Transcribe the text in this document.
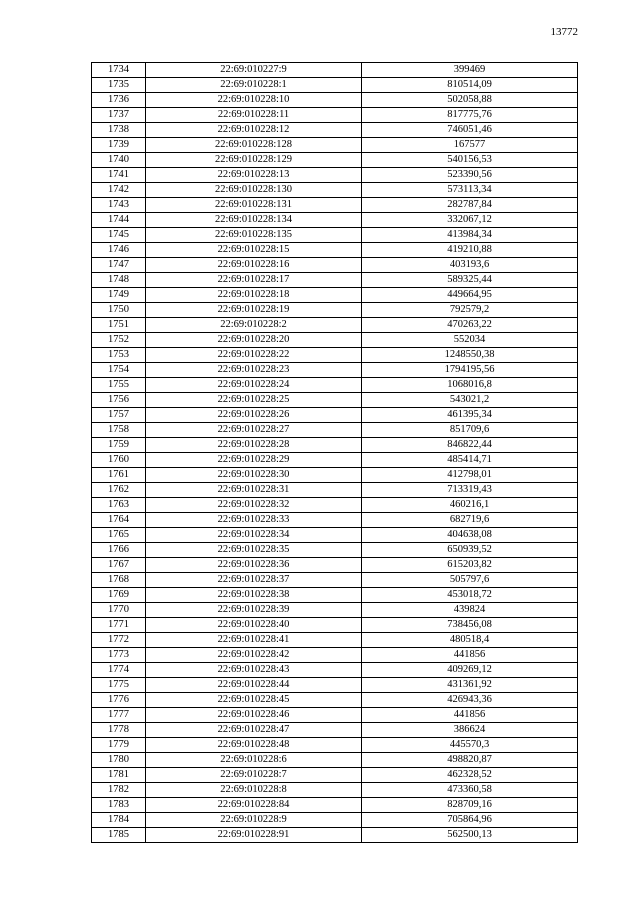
13772
1734	22:69:010227:9	399469
1735	22:69:010228:1	810514,09
1736	22:69:010228:10	502058,88
1737	22:69:010228:11	817775,76
1738	22:69:010228:12	746051,46
1739	22:69:010228:128	167577
1740	22:69:010228:129	540156,53
1741	22:69:010228:13	523390,56
1742	22:69:010228:130	573113,34
1743	22:69:010228:131	282787,84
1744	22:69:010228:134	332067,12
1745	22:69:010228:135	413984,34
1746	22:69:010228:15	419210,88
1747	22:69:010228:16	403193,6
1748	22:69:010228:17	589325,44
1749	22:69:010228:18	449664,95
1750	22:69:010228:19	792579,2
1751	22:69:010228:2	470263,22
1752	22:69:010228:20	552034
1753	22:69:010228:22	1248550,38
1754	22:69:010228:23	1794195,56
1755	22:69:010228:24	1068016,8
1756	22:69:010228:25	543021,2
1757	22:69:010228:26	461395,34
1758	22:69:010228:27	851709,6
1759	22:69:010228:28	846822,44
1760	22:69:010228:29	485414,71
1761	22:69:010228:30	412798,01
1762	22:69:010228:31	713319,43
1763	22:69:010228:32	460216,1
1764	22:69:010228:33	682719,6
1765	22:69:010228:34	404638,08
1766	22:69:010228:35	650939,52
1767	22:69:010228:36	615203,82
1768	22:69:010228:37	505797,6
1769	22:69:010228:38	453018,72
1770	22:69:010228:39	439824
1771	22:69:010228:40	738456,08
1772	22:69:010228:41	480518,4
1773	22:69:010228:42	441856
1774	22:69:010228:43	409269,12
1775	22:69:010228:44	431361,92
1776	22:69:010228:45	426943,36
1777	22:69:010228:46	441856
1778	22:69:010228:47	386624
1779	22:69:010228:48	445570,3
1780	22:69:010228:6	498820,87
1781	22:69:010228:7	462328,52
1782	22:69:010228:8	473360,58
1783	22:69:010228:84	828709,16
1784	22:69:010228:9	705864,96
1785	22:69:010228:91	562500,13
